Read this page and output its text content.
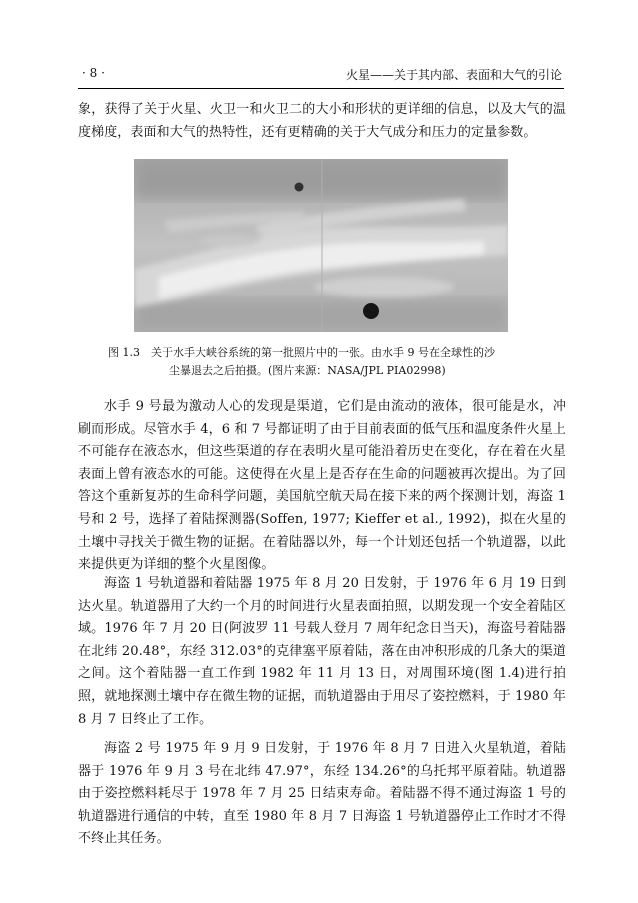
· 8 ·	火星——关于其内部、表面和大气的引论

象，获得了关于火星、火卫一和火卫二的大小和形状的更详细的信息，以及大气的温度梯度，表面和大气的热特性，还有更精确的关于大气成分和压力的定量参数。

图 1.3　关于水手大峡谷系统的第一批照片中的一张。由水手 9 号在全球性的沙
尘暴退去之后拍摄。(图片来源：NASA/JPL PIA02998)

水手 9 号最为激动人心的发现是渠道，它们是由流动的液体，很可能是水，冲刷而形成。尽管水手 4，6 和 7 号都证明了由于目前表面的低气压和温度条件火星上不可能存在液态水，但这些渠道的存在表明火星可能沿着历史在变化，存在着在火星表面上曾有液态水的可能。这使得在火星上是否存在生命的问题被再次提出。为了回答这个重新复苏的生命科学问题，美国航空航天局在接下来的两个探测计划，海盗 1 号和 2 号，选择了着陆探测器(Soffen, 1977; Kieffer et al., 1992)，拟在火星的土壤中寻找关于微生物的证据。在着陆器以外，每一个计划还包括一个轨道器，以此来提供更为详细的整个火星图像。

海盗 1 号轨道器和着陆器 1975 年 8 月 20 日发射，于 1976 年 6 月 19 日到达火星。轨道器用了大约一个月的时间进行火星表面拍照，以期发现一个安全着陆区域。1976 年 7 月 20 日(阿波罗 11 号载人登月 7 周年纪念日当天)，海盗号着陆器在北纬 20.48°，东经 312.03°的克律塞平原着陆，落在由冲积形成的几条大的渠道之间。这个着陆器一直工作到 1982 年 11 月 13 日，对周围环境(图 1.4)进行拍照，就地探测土壤中存在微生物的证据，而轨道器由于用尽了姿控燃料，于 1980 年 8 月 7 日终止了工作。

海盗 2 号 1975 年 9 月 9 日发射，于 1976 年 8 月 7 日进入火星轨道，着陆器于 1976 年 9 月 3 号在北纬 47.97°，东经 134.26°的乌托邦平原着陆。轨道器由于姿控燃料耗尽于 1978 年 7 月 25 日结束寿命。着陆器不得不通过海盗 1 号的轨道器进行通信的中转，直至 1980 年 8 月 7 日海盗 1 号轨道器停止工作时才不得不终止其任务。
